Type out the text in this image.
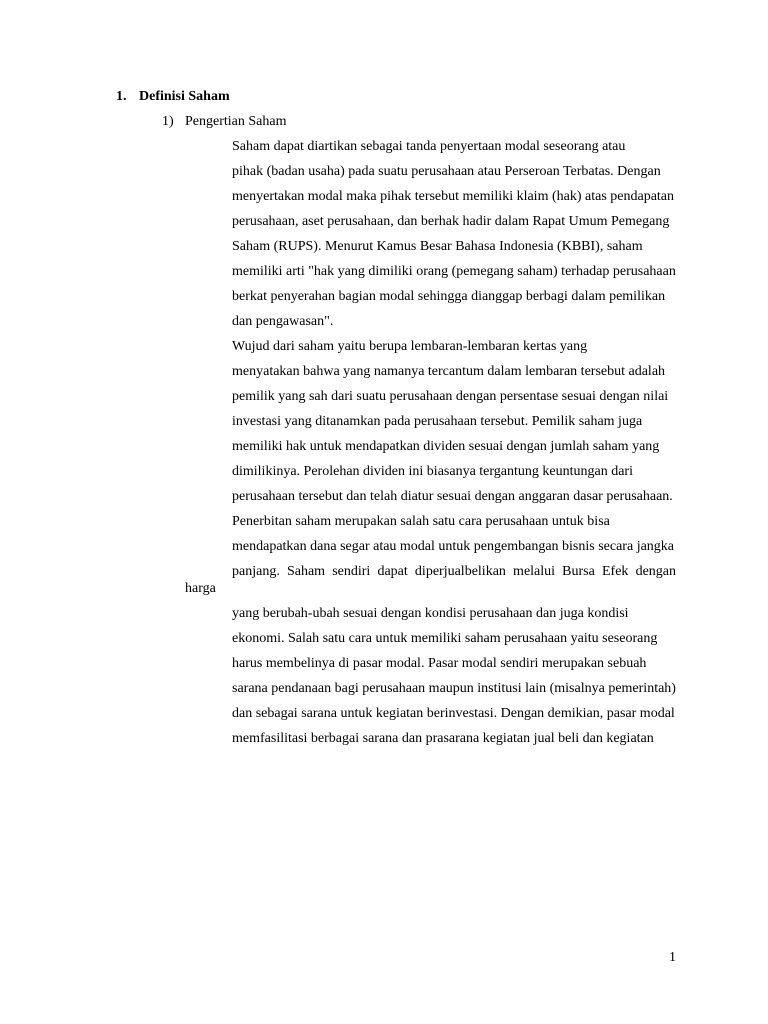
1. Definisi Saham
1) Pengertian Saham

Saham dapat diartikan sebagai tanda penyertaan modal seseorang atau

pihak (badan usaha) pada suatu perusahaan atau Perseroan Terbatas. Dengan

menyertakan modal maka pihak tersebut memiliki klaim (hak) atas pendapatan

perusahaan, aset perusahaan, dan berhak hadir dalam Rapat Umum Pemegang

Saham (RUPS). Menurut Kamus Besar Bahasa Indonesia (KBBI), saham

memiliki arti "hak yang dimiliki orang (pemegang saham) terhadap perusahaan

berkat penyerahan bagian modal sehingga dianggap berbagi dalam pemilikan

dan pengawasan".

Wujud dari saham yaitu berupa lembaran-lembaran kertas yang

menyatakan bahwa yang namanya tercantum dalam lembaran tersebut adalah

pemilik yang sah dari suatu perusahaan dengan persentase sesuai dengan nilai

investasi yang ditanamkan pada perusahaan tersebut. Pemilik saham juga

memiliki hak untuk mendapatkan dividen sesuai dengan jumlah saham yang

dimilikinya. Perolehan dividen ini biasanya tergantung keuntungan dari

perusahaan tersebut dan telah diatur sesuai dengan anggaran dasar perusahaan.

Penerbitan saham merupakan salah satu cara perusahaan untuk bisa

mendapatkan dana segar atau modal untuk pengembangan bisnis secara jangka

panjang. Saham sendiri dapat diperjualbelikan melalui Bursa Efek dengan harga

yang berubah-ubah sesuai dengan kondisi perusahaan dan juga kondisi

ekonomi. Salah satu cara untuk memiliki saham perusahaan yaitu seseorang

harus membelinya di pasar modal. Pasar modal sendiri merupakan sebuah

sarana pendanaan bagi perusahaan maupun institusi lain (misalnya pemerintah)

dan sebagai sarana untuk kegiatan berinvestasi. Dengan demikian, pasar modal

memfasilitasi berbagai sarana dan prasarana kegiatan jual beli dan kegiatan

1
